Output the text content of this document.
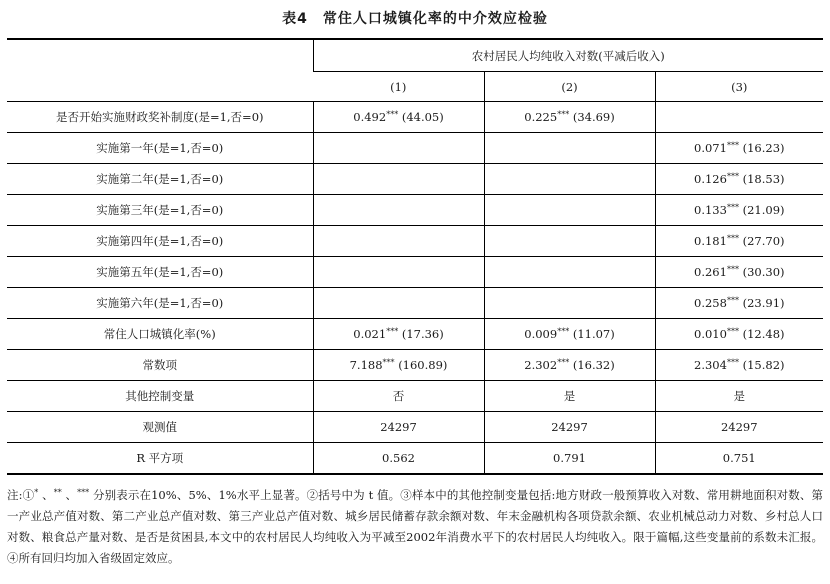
表4　常住人口城镇化率的中介效应检验
	农村居民人均纯收入对数(平减后收入)		
	(1)	(2)	(3)
是否开始实施财政奖补制度(是=1,否=0)	0.492*** (44.05)	0.225*** (34.69)	
实施第一年(是=1,否=0)			0.071*** (16.23)
实施第二年(是=1,否=0)			0.126*** (18.53)
实施第三年(是=1,否=0)			0.133*** (21.09)
实施第四年(是=1,否=0)			0.181*** (27.70)
实施第五年(是=1,否=0)			0.261*** (30.30)
实施第六年(是=1,否=0)			0.258*** (23.91)
常住人口城镇化率(%)	0.021*** (17.36)	0.009*** (11.07)	0.010*** (12.48)
常数项	7.188*** (160.89)	2.302*** (16.32)	2.304*** (15.82)
其他控制变量	否	是	是
观测值	24297	24297	24297
R 平方项	0.562	0.791	0.751
注:①* 、** 、*** 分别表示在10%、5%、1%水平上显著。②括号中为 t 值。③样本中的其他控制变量包括:地方财政一般预算收入对数、常用耕地面积对数、第一产业总产值对数、第二产业总产值对数、第三产业总产值对数、城乡居民储蓄存款余额对数、年末金融机构各项贷款余额、农业机械总动力对数、乡村总人口对数、粮食总产量对数、是否是贫困县,本文中的农村居民人均纯收入为平减至2002年消费水平下的农村居民人均纯收入。限于篇幅,这些变量前的系数未汇报。④所有回归均加入省级固定效应。
